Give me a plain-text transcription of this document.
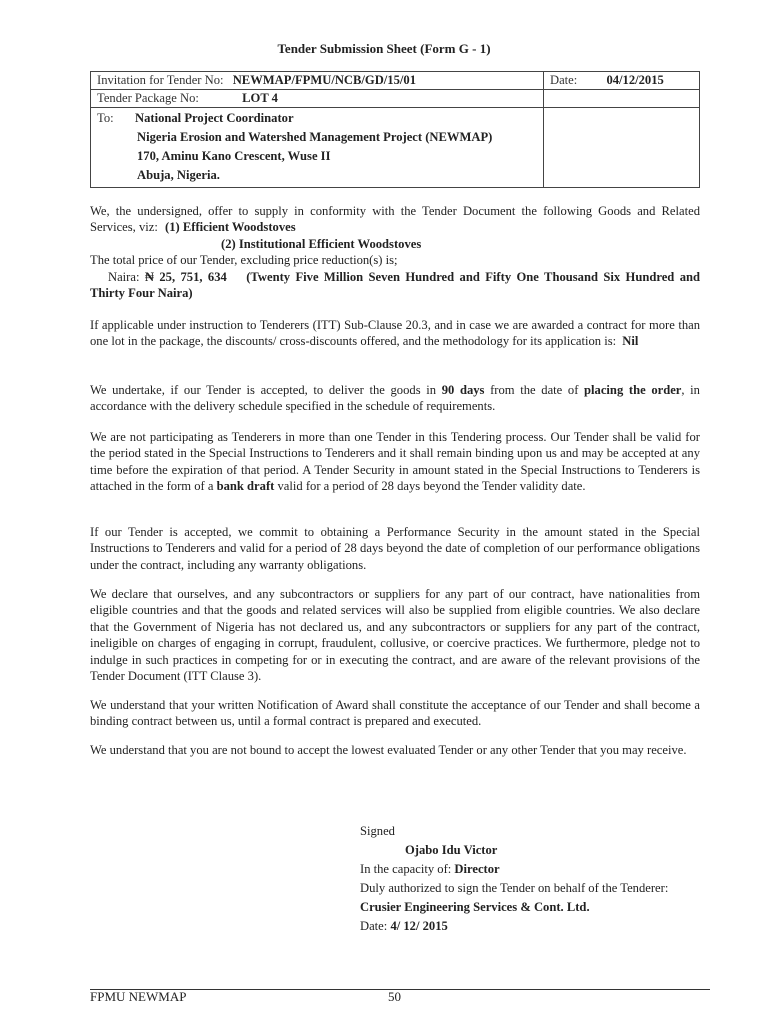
Tender Submission Sheet (Form G - 1)
Invitation for Tender No: NEWMAP/FPMU/NCB/GD/15/01	Date: 04/12/2015
Tender Package No: LOT 4	

To: National Project Coordinator
Nigeria Erosion and Watershed Management Project (NEWMAP)
170, Aminu Kano Crescent, Wuse II
Abuja, Nigeria.	

We, the undersigned, offer to supply in conformity with the Tender Document the following Goods and Related Services, viz: (1) Efficient Woodstoves

(2) Institutional Efficient Woodstoves

The total price of our Tender, excluding price reduction(s) is;

Naira: ₦ 25, 751, 634 (Twenty Five Million Seven Hundred and Fifty One Thousand Six Hundred and Thirty Four Naira)

If applicable under instruction to Tenderers (ITT) Sub-Clause 20.3, and in case we are awarded a contract for more than one lot in the package, the discounts/ cross-discounts offered, and the methodology for its application is: Nil

We undertake, if our Tender is accepted, to deliver the goods in 90 days from the date of placing the order, in accordance with the delivery schedule specified in the schedule of requirements.

We are not participating as Tenderers in more than one Tender in this Tendering process. Our Tender shall be valid for the period stated in the Special Instructions to Tenderers and it shall remain binding upon us and may be accepted at any time before the expiration of that period. A Tender Security in amount stated in the Special Instructions to Tenderers is attached in the form of a bank draft valid for a period of 28 days beyond the Tender validity date.

If our Tender is accepted, we commit to obtaining a Performance Security in the amount stated in the Special Instructions to Tenderers and valid for a period of 28 days beyond the date of completion of our performance obligations under the contract, including any warranty obligations.

We declare that ourselves, and any subcontractors or suppliers for any part of our contract, have nationalities from eligible countries and that the goods and related services will also be supplied from eligible countries. We also declare that the Government of Nigeria has not declared us, and any subcontractors or suppliers for any part of the contract, ineligible on charges of engaging in corrupt, fraudulent, collusive, or coercive practices. We furthermore, pledge not to indulge in such practices in competing for or in executing the contract, and are aware of the relevant provisions of the Tender Document (ITT Clause 3).

We understand that your written Notification of Award shall constitute the acceptance of our Tender and shall become a binding contract between us, until a formal contract is prepared and executed.

We understand that you are not bound to accept the lowest evaluated Tender or any other Tender that you may receive.

Signed
Ojabo Idu Victor
In the capacity of: Director
Duly authorized to sign the Tender on behalf of the Tenderer:
Crusier Engineering Services & Cont. Ltd.
Date: 4/ 12/ 2015
FPMU NEWMAP	50
